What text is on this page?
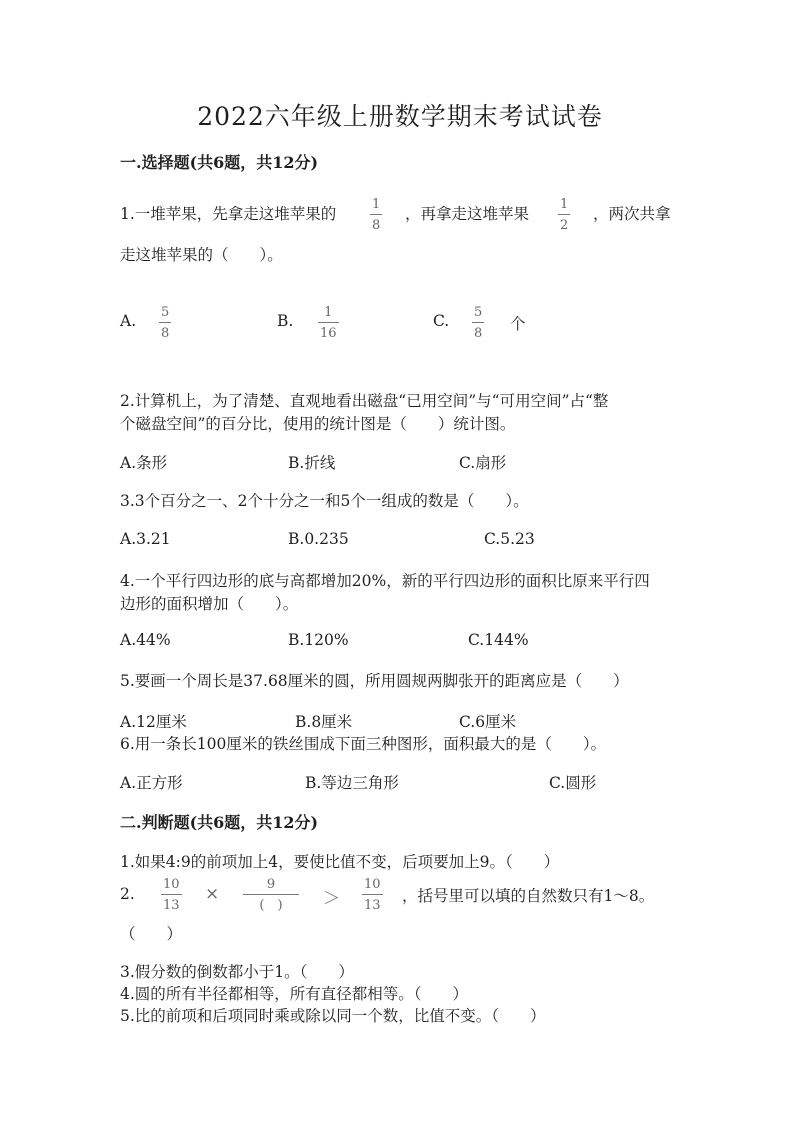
2022六年级上册数学期末考试试卷
一.选择题(共6题，共12分)
1.一堆苹果，先拿走这堆苹果的
1
8
，再拿走这堆苹果
1
2
，两次共拿
走这堆苹果的（　　）。
A. 5
8
B. 1
16
C. 5
8
个
2.计算机上，为了清楚、直观地看出磁盘“已用空间”与“可用空间”占“整
个磁盘空间”的百分比，使用的统计图是（　　）统计图。
A.条形	B.折线	C.扇形
3.3个百分之一、2个十分之一和5个一组成的数是（　　）。
A.3.21	B.0.235	C.5.23
4.一个平行四边形的底与高都增加20%，新的平行四边形的面积比原来平行四
边形的面积增加（　　）。
A.44%	B.120%	C.144%
5.要画一个周长是37.68厘米的圆，所用圆规两脚张开的距离应是（　　）
A.12厘米	B.8厘米	C.6厘米
6.用一条长100厘米的铁丝围成下面三种图形，面积最大的是（　　）。
A.正方形	B.等边三角形	C.圆形
二.判断题(共6题，共12分)
1.如果4:9的前项加上4，要使比值不变，后项要加上9。（　　）
2.
10
13
×	9
(　) ＞
10
13
，括号里可以填的自然数只有1～8。
（　　）
3.假分数的倒数都小于1。（　　）
4.圆的所有半径都相等，所有直径都相等。（　　）
5.比的前项和后项同时乘或除以同一个数，比值不变。（　　）
